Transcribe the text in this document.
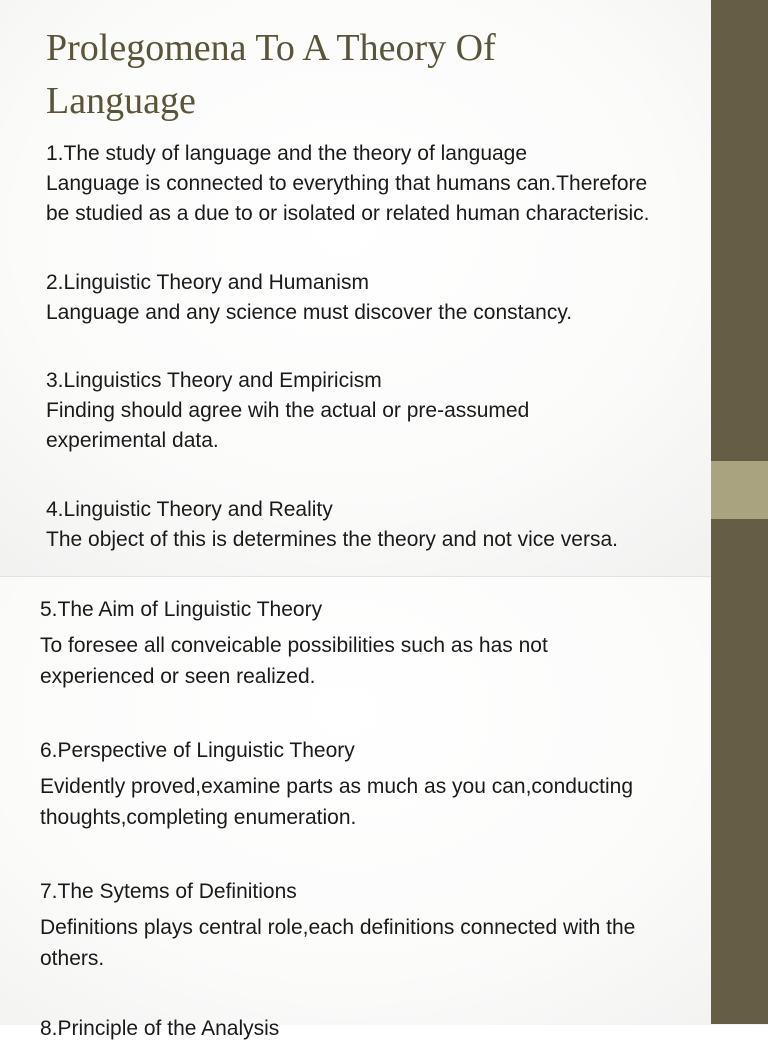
Prolegomena To A Theory Of
Language
1.The study of language and the theory of language
Language is connected to everything that humans can.Therefore
be studied as a due to or isolated or related human characterisic.
2.Linguistic Theory and Humanism
Language and any science must discover the constancy.
3.Linguistics Theory and Empiricism
Finding should agree wih the actual or pre-assumed
experimental data.
4.Linguistic Theory and Reality
The object of this is determines the theory and not vice versa.
5.The Aim of Linguistic Theory
To foresee all conveicable possibilities such as has not
experienced or seen realized.
6.Perspective of Linguistic Theory
Evidently proved,examine parts as much as you can,conducting
thoughts,completing enumeration.
7.The Sytems of Definitions
Definitions plays central role,each definitions connected with the
others.
8.Principle of the Analysis
